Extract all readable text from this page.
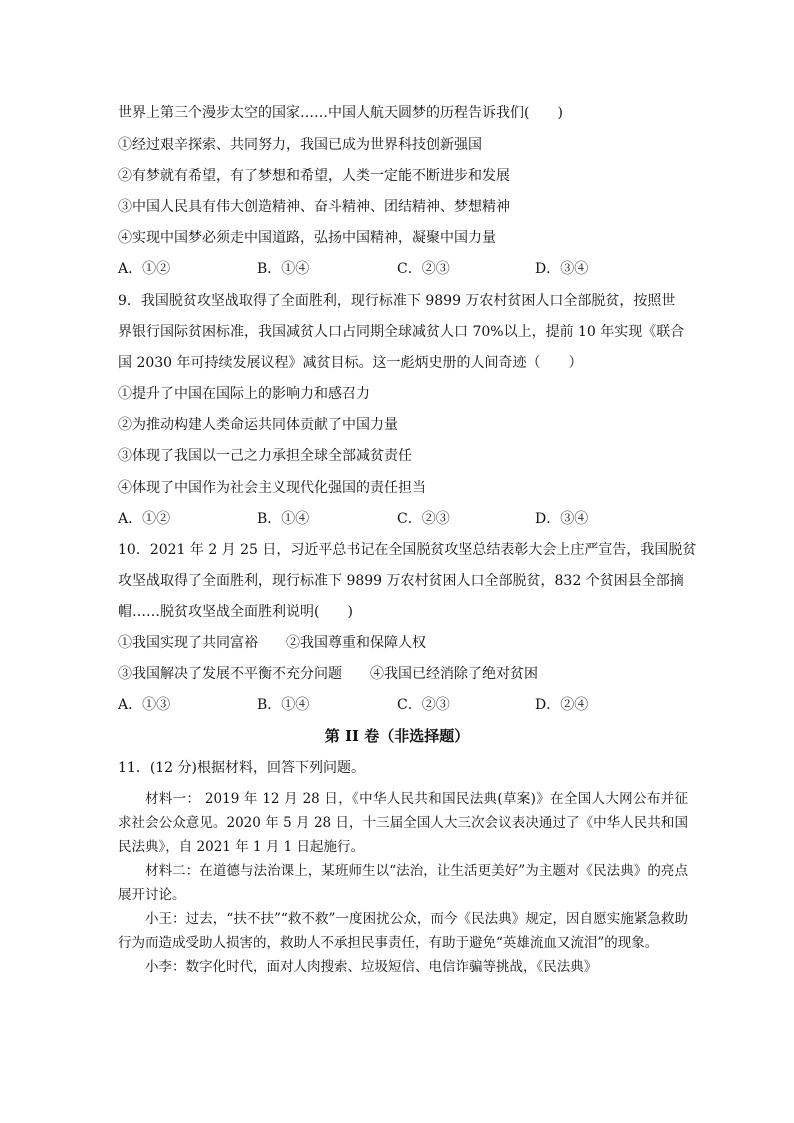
世界上第三个漫步太空的国家……中国人航天圆梦的历程告诉我们(　　)
①经过艰辛探索、共同努力，我国已成为世界科技创新强国
②有梦就有希望，有了梦想和希望，人类一定能不断进步和发展
③中国人民具有伟大创造精神、奋斗精神、团结精神、梦想精神
④实现中国梦必须走中国道路，弘扬中国精神，凝聚中国力量
A．①②	B．①④	C．②③	D．③④
9．我国脱贫攻坚战取得了全面胜利，现行标准下 9899 万农村贫困人口全部脱贫，按照世
界银行国际贫困标准，我国减贫人口占同期全球减贫人口 70%以上，提前 10 年实现《联合
国 2030 年可持续发展议程》减贫目标。这一彪炳史册的人间奇迹（　　）
①提升了中国在国际上的影响力和感召力
②为推动构建人类命运共同体贡献了中国力量
③体现了我国以一己之力承担全球全部减贫责任
④体现了中国作为社会主义现代化强国的责任担当
A．①②	B．①④	C．②③	D．③④
10．2021 年 2 月 25 日，习近平总书记在全国脱贫攻坚总结表彰大会上庄严宣告，我国脱贫
攻坚战取得了全面胜利，现行标准下 9899 万农村贫困人口全部脱贫，832 个贫困县全部摘
帽……脱贫攻坚战全面胜利说明(　　)
①我国实现了共同富裕　　②我国尊重和保障人权
③我国解决了发展不平衡不充分问题　　④我国已经消除了绝对贫困
A．①③	B．①④	C．②③	D．②④
第 II 卷（非选择题）
11．(12 分)根据材料，回答下列问题。

材料一： 2019 年 12 月 28 日，《中华人民共和国民法典(草案)》在全国人大网公布并征求社会公众意见。2020 年 5 月 28 日，十三届全国人大三次会议表决通过了《中华人民共和国民法典》，自 2021 年 1 月 1 日起施行。

材料二：在道德与法治课上，某班师生以“法治，让生活更美好”为主题对《民法典》的亮点展开讨论。

小王：过去，“扶不扶”“救不救”一度困扰公众，而今《民法典》规定，因自愿实施紧急救助行为而造成受助人损害的，救助人不承担民事责任，有助于避免“英雄流血又流泪”的现象。

小李：数字化时代，面对人肉搜索、垃圾短信、电信诈骗等挑战，《民法典》
